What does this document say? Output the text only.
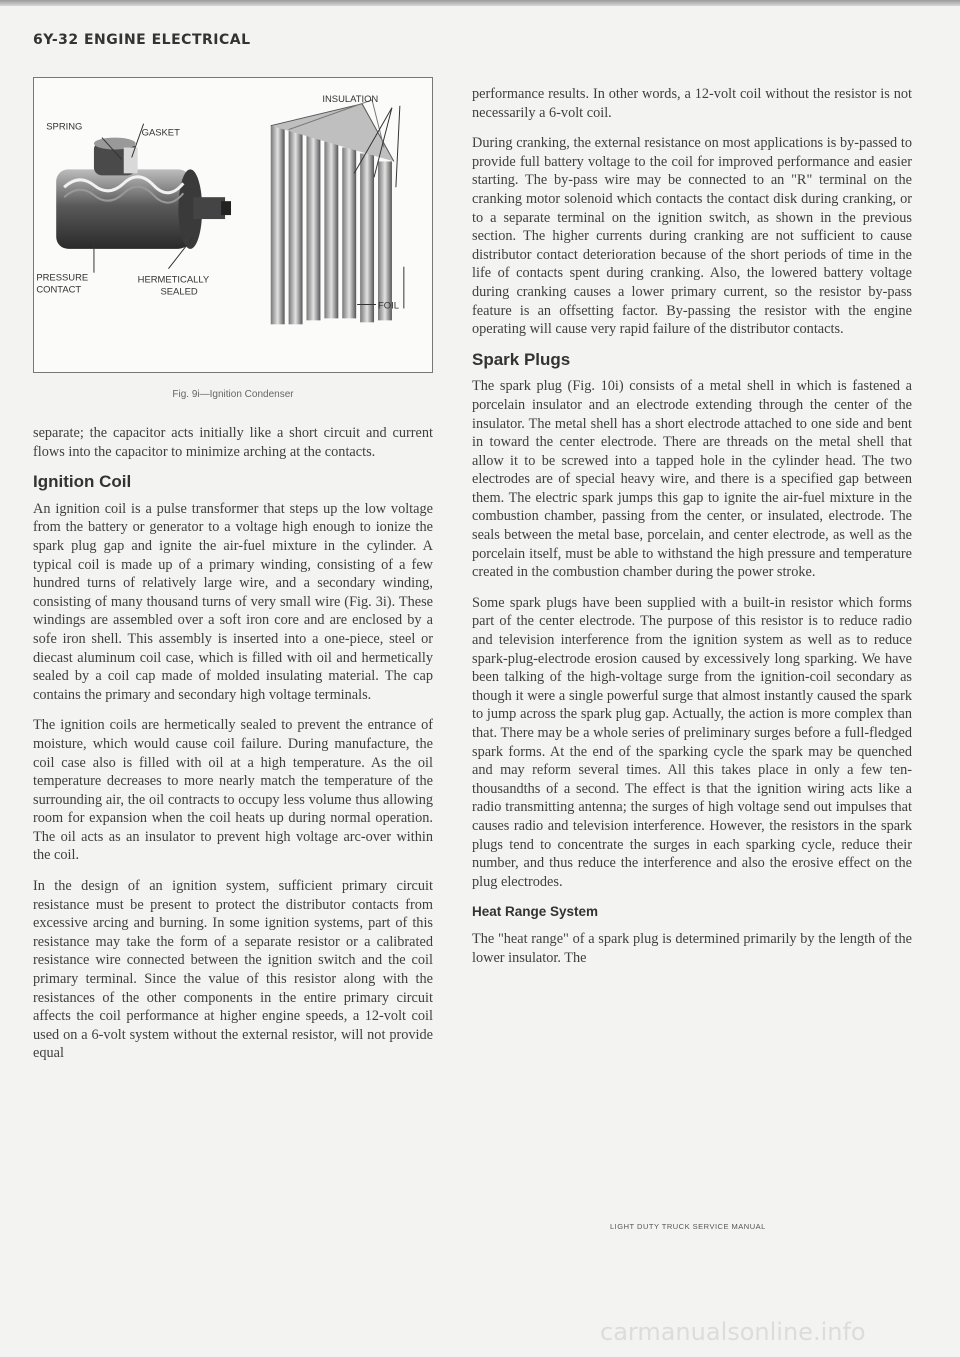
6Y-32 ENGINE ELECTRICAL
SPRING
GASKET
INSULATION
PRESSURE
CONTACT
HERMETICALLY
SEALED
FOIL
Fig. 9i—Ignition Condenser

separate; the capacitor acts initially like a short circuit and current flows into the capacitor to minimize arching at the contacts.

Ignition Coil

An ignition coil is a pulse transformer that steps up the low voltage from the battery or generator to a voltage high enough to ionize the spark plug gap and ignite the air-fuel mixture in the cylinder. A typical coil is made up of a primary winding, consisting of a few hundred turns of relatively large wire, and a secondary winding, consisting of many thousand turns of very small wire (Fig. 3i). These windings are assembled over a soft iron core and are enclosed by a sofe iron shell. This assembly is inserted into a one-piece, steel or diecast aluminum coil case, which is filled with oil and hermetically sealed by a coil cap made of molded insulating material. The cap contains the primary and secondary high voltage terminals.

The ignition coils are hermetically sealed to prevent the entrance of moisture, which would cause coil failure. During manufacture, the coil case also is filled with oil at a high temperature. As the oil temperature decreases to more nearly match the temperature of the surrounding air, the oil contracts to occupy less volume thus allowing room for expansion when the coil heats up during normal operation. The oil acts as an insulator to prevent high voltage arc-over within the coil.

In the design of an ignition system, sufficient primary circuit resistance must be present to protect the distributor contacts from excessive arcing and burning. In some ignition systems, part of this resistance may take the form of a separate resistor or a calibrated resistance wire connected between the ignition switch and the coil primary terminal. Since the value of this resistor along with the resistances of the other components in the entire primary circuit affects the coil performance at higher engine speeds, a 12-volt coil used on a 6-volt system without the external resistor, will not provide equal

performance results. In other words, a 12-volt coil without the resistor is not necessarily a 6-volt coil.

During cranking, the external resistance on most applications is by-passed to provide full battery voltage to the coil for improved performance and easier starting. The by-pass wire may be connected to an "R" terminal on the cranking motor solenoid which contacts the contact disk during cranking, or to a separate terminal on the ignition switch, as shown in the previous section. The higher currents during cranking are not sufficient to cause distributor contact deterioration because of the short periods of time in the life of contacts spent during cranking. Also, the lowered battery voltage during cranking causes a lower primary current, so the resistor by-pass feature is an offsetting factor. By-passing the resistor with the engine operating will cause very rapid failure of the distributor contacts.

Spark Plugs

The spark plug (Fig. 10i) consists of a metal shell in which is fastened a porcelain insulator and an electrode extending through the center of the insulator. The metal shell has a short electrode attached to one side and bent in toward the center electrode. There are threads on the metal shell that allow it to be screwed into a tapped hole in the cylinder head. The two electrodes are of special heavy wire, and there is a specified gap between them. The electric spark jumps this gap to ignite the air-fuel mixture in the combustion chamber, passing from the center, or insulated, electrode. The seals between the metal base, porcelain, and center electrode, as well as the porcelain itself, must be able to withstand the high pressure and temperature created in the combustion chamber during the power stroke.

Some spark plugs have been supplied with a built-in resistor which forms part of the center electrode. The purpose of this resistor is to reduce radio and television interference from the ignition system as well as to reduce spark-plug-electrode erosion caused by excessively long sparking. We have been talking of the high-voltage surge from the ignition-coil secondary as though it were a single powerful surge that almost instantly caused the spark to jump across the spark plug gap. Actually, the action is more complex than that. There may be a whole series of preliminary surges before a full-fledged spark forms. At the end of the sparking cycle the spark may be quenched and may reform several times. All this takes place in only a few ten-thousandths of a second. The effect is that the ignition wiring acts like a radio transmitting antenna; the surges of high voltage send out impulses that causes radio and television interference. However, the resistors in the spark plugs tend to concentrate the surges in each sparking cycle, reduce their number, and thus reduce the interference and also the erosive effect on the plug electrodes.

Heat Range System

The "heat range" of a spark plug is determined primarily by the length of the lower insulator. The

LIGHT DUTY TRUCK SERVICE MANUAL
carmanualsonline.info
